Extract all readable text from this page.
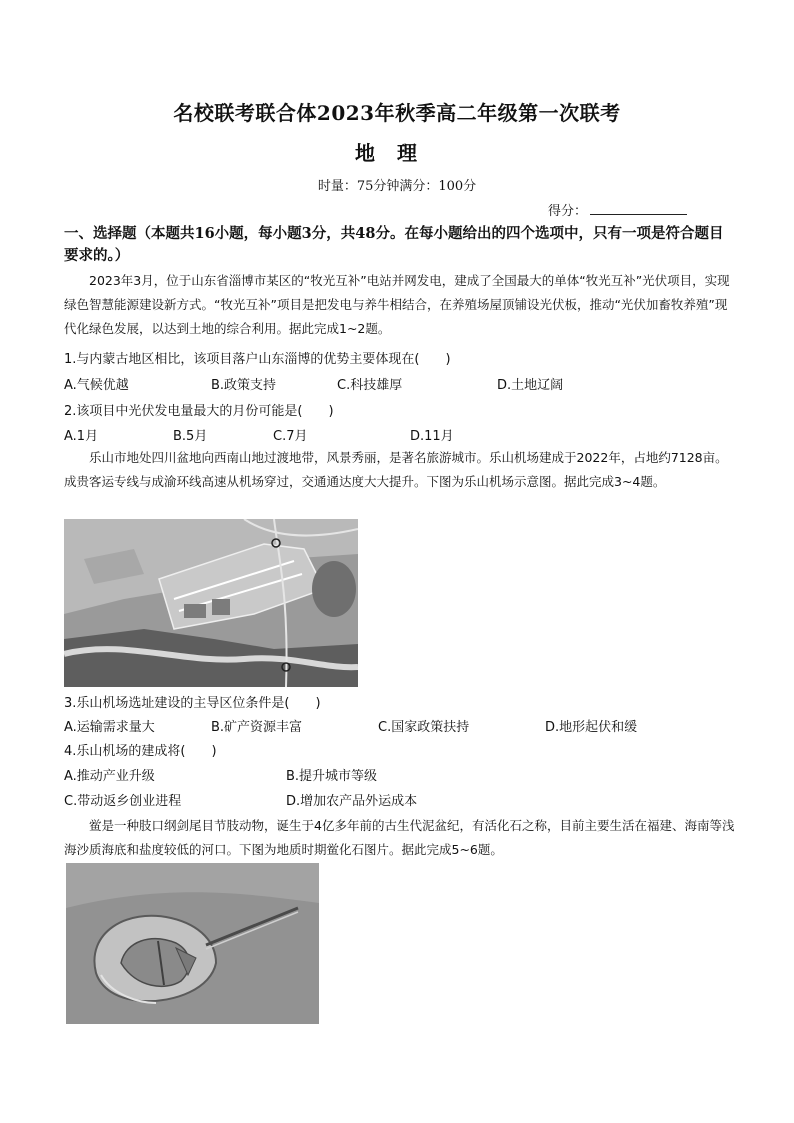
名校联考联合体2023年秋季高二年级第一次联考
地理
时量：75分钟满分：100分
得分：
一、选择题（本题共16小题，每小题3分，共48分。在每小题给出的四个选项中，只有一项是符合题目要求的。）
2023年3月，位于山东省淄博市某区的“牧光互补”电站并网发电，建成了全国最大的单体“牧光互补”光伏项目，实现绿色智慧能源建设新方式。“牧光互补”项目是把发电与养牛相结合，在养殖场屋顶铺设光伏板，推动“光伏加畜牧养殖”现代化绿色发展，以达到土地的综合利用。据此完成1~2题。
1.与内蒙古地区相比，该项目落户山东淄博的优势主要体现在(　　)
A.气候优越	B.政策支持	C.科技雄厚	D.土地辽阔
2.该项目中光伏发电量最大的月份可能是(　　)
A.1月	B.5月	C.7月	D.11月
乐山市地处四川盆地向西南山地过渡地带，风景秀丽，是著名旅游城市。乐山机场建成于2022年，占地约7128亩。成贵客运专线与成渝环线高速从机场穿过，交通通达度大大提升。下图为乐山机场示意图。据此完成3~4题。
3.乐山机场选址建设的主导区位条件是(　　)
A.运输需求量大	B.矿产资源丰富	C.国家政策扶持	D.地形起伏和缓
4.乐山机场的建成将(　　)
A.推动产业升级	B.提升城市等级
C.带动返乡创业进程	D.增加农产品外运成本
鲎是一种肢口纲剑尾目节肢动物，诞生于4亿多年前的古生代泥盆纪，有活化石之称，目前主要生活在福建、海南等浅海沙质海底和盐度较低的河口。下图为地质时期鲎化石图片。据此完成5~6题。
